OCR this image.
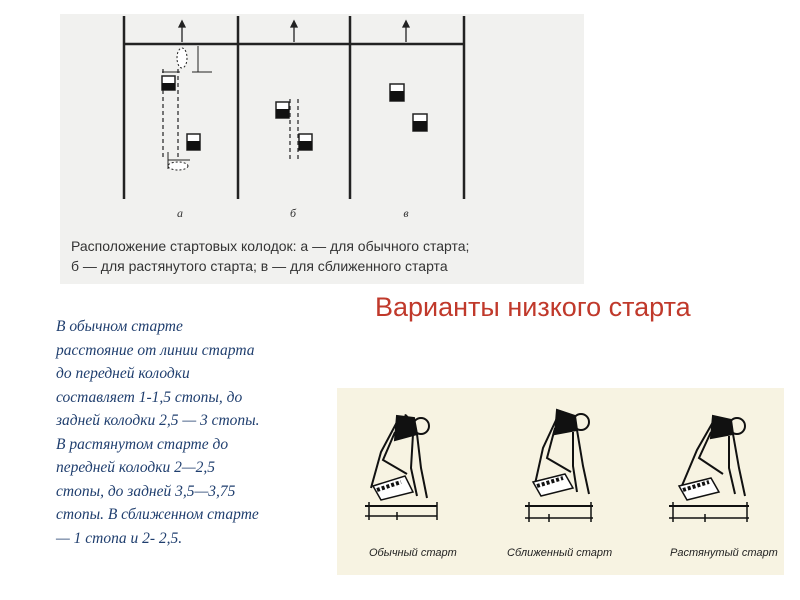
а	б	в
Расположение стартовых колодок: а — для обычного старта;
б — для растянутого старта; в — для сближенного старта
В обычном старте
расстояние от линии старта
до передней колодки
составляет 1-1,5 стопы, до
задней колодки 2,5 — 3 стопы.
В растянутом старте до
передней колодки 2—2,5
стопы, до задней 3,5—3,75
стопы. В сближенном старте
— 1 стопа и 2- 2,5.
Варианты низкого старта
Обычный старт	Сближенный старт	Растянутый старт
